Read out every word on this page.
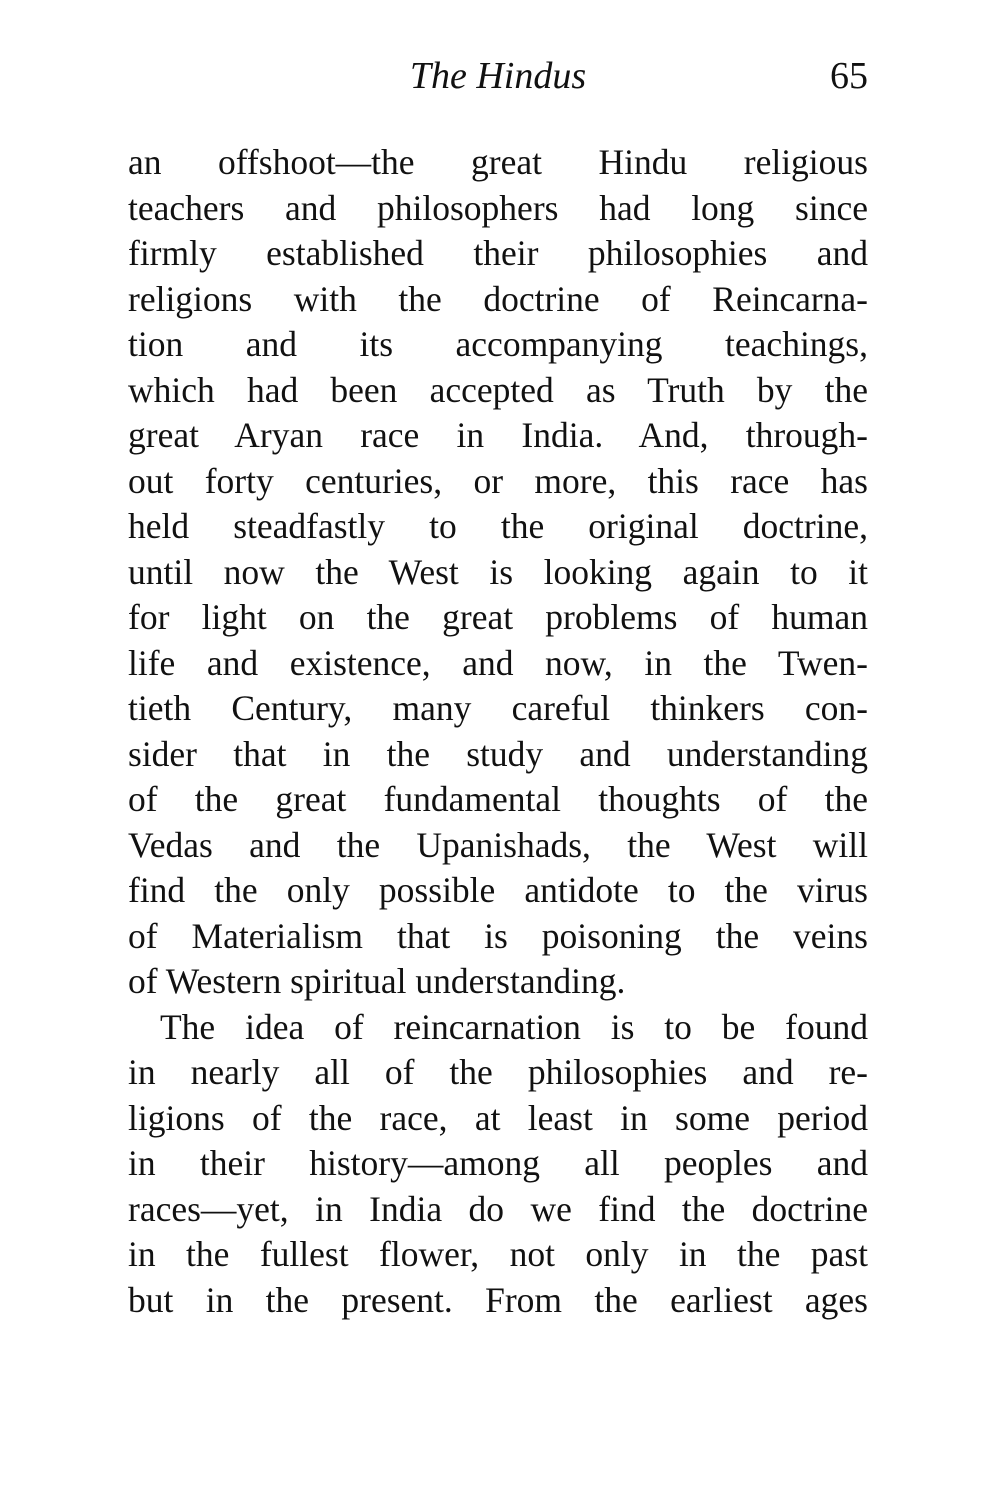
The Hindus	65
an offshoot—the great Hindu religious
teachers and philosophers had long since
firmly established their philosophies and
religions with the doctrine of Reincarna-
tion and its accompanying teachings,
which had been accepted as Truth by the
great Aryan race in India. And, through-
out forty centuries, or more, this race has
held steadfastly to the original doctrine,
until now the West is looking again to it
for light on the great problems of human
life and existence, and now, in the Twen-
tieth Century, many careful thinkers con-
sider that in the study and understanding
of the great fundamental thoughts of the
Vedas and the Upanishads, the West will
find the only possible antidote to the virus
of Materialism that is poisoning the veins
of Western spiritual understanding.
The idea of reincarnation is to be found
in nearly all of the philosophies and re-
ligions of the race, at least in some period
in their history—among all peoples and
races—yet, in India do we find the doctrine
in the fullest flower, not only in the past
but in the present. From the earliest ages
